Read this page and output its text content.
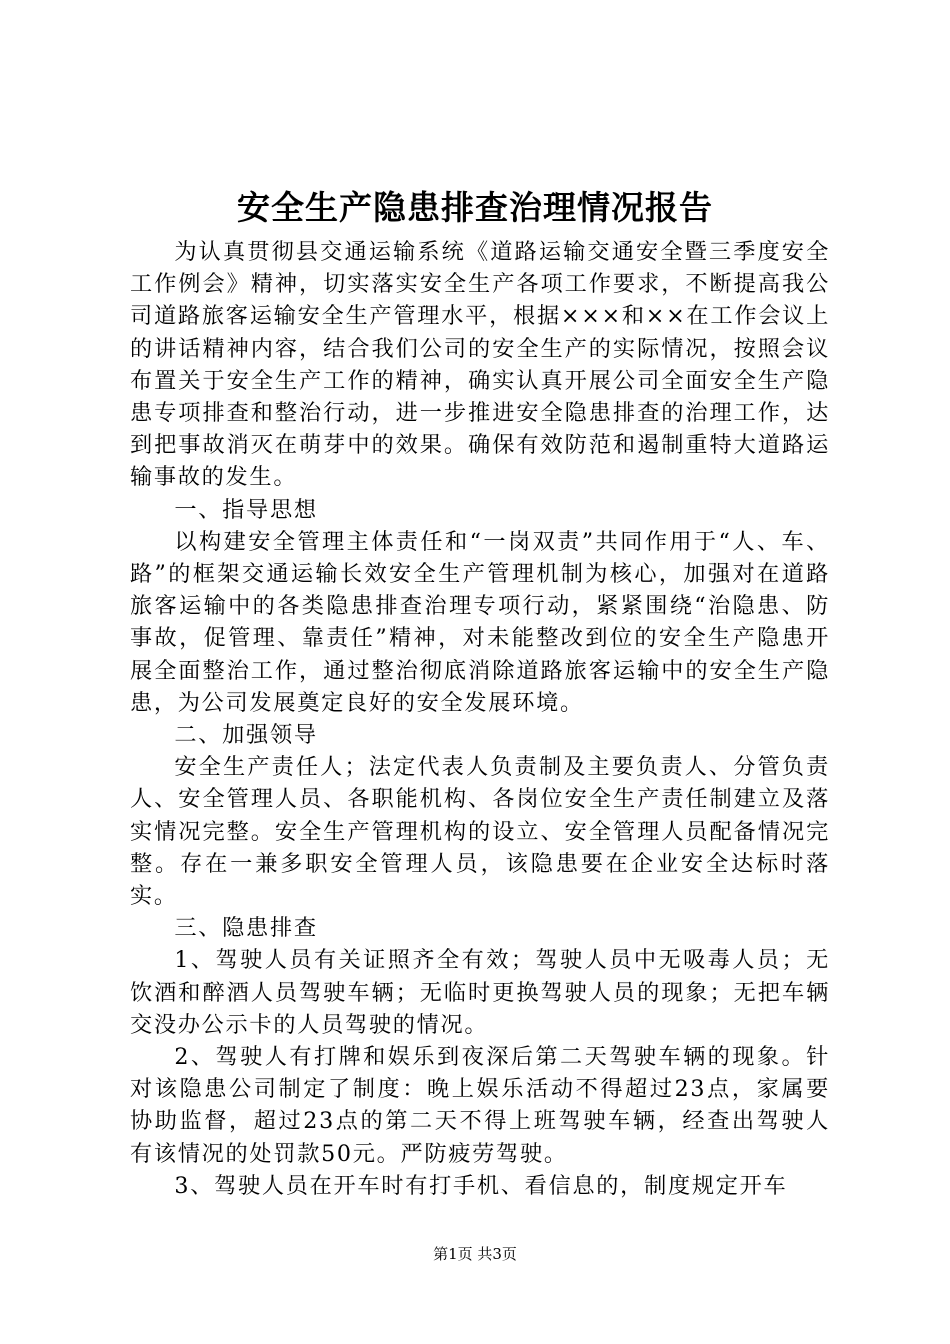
安全生产隐患排查治理情况报告

为认真贯彻县交通运输系统《道路运输交通安全暨三季度安全工作例会》精神，切实落实安全生产各项工作要求，不断提高我公司道路旅客运输安全生产管理水平，根据×××和××在工作会议上的讲话精神内容，结合我们公司的安全生产的实际情况，按照会议布置关于安全生产工作的精神，确实认真开展公司全面安全生产隐患专项排查和整治行动，进一步推进安全隐患排查的治理工作，达到把事故消灭在萌芽中的效果。确保有效防范和遏制重特大道路运输事故的发生。

一、指导思想

以构建安全管理主体责任和“一岗双责”共同作用于“人、车、路”的框架交通运输长效安全生产管理机制为核心，加强对在道路旅客运输中的各类隐患排查治理专项行动，紧紧围绕“治隐患、防事故，促管理、靠责任”精神，对未能整改到位的安全生产隐患开展全面整治工作，通过整治彻底消除道路旅客运输中的安全生产隐患，为公司发展奠定良好的安全发展环境。

二、加强领导

安全生产责任人；法定代表人负责制及主要负责人、分管负责人、安全管理人员、各职能机构、各岗位安全生产责任制建立及落实情况完整。安全生产管理机构的设立、安全管理人员配备情况完整。存在一兼多职安全管理人员，该隐患要在企业安全达标时落实。

三、隐患排查

1、驾驶人员有关证照齐全有效；驾驶人员中无吸毒人员；无饮酒和醉酒人员驾驶车辆；无临时更换驾驶人员的现象；无把车辆交没办公示卡的人员驾驶的情况。

2、驾驶人有打牌和娱乐到夜深后第二天驾驶车辆的现象。针对该隐患公司制定了制度：晚上娱乐活动不得超过23点，家属要协助监督，超过23点的第二天不得上班驾驶车辆，经查出驾驶人有该情况的处罚款50元。严防疲劳驾驶。

3、驾驶人员在开车时有打手机、看信息的，制度规定开车

第1页 共3页
